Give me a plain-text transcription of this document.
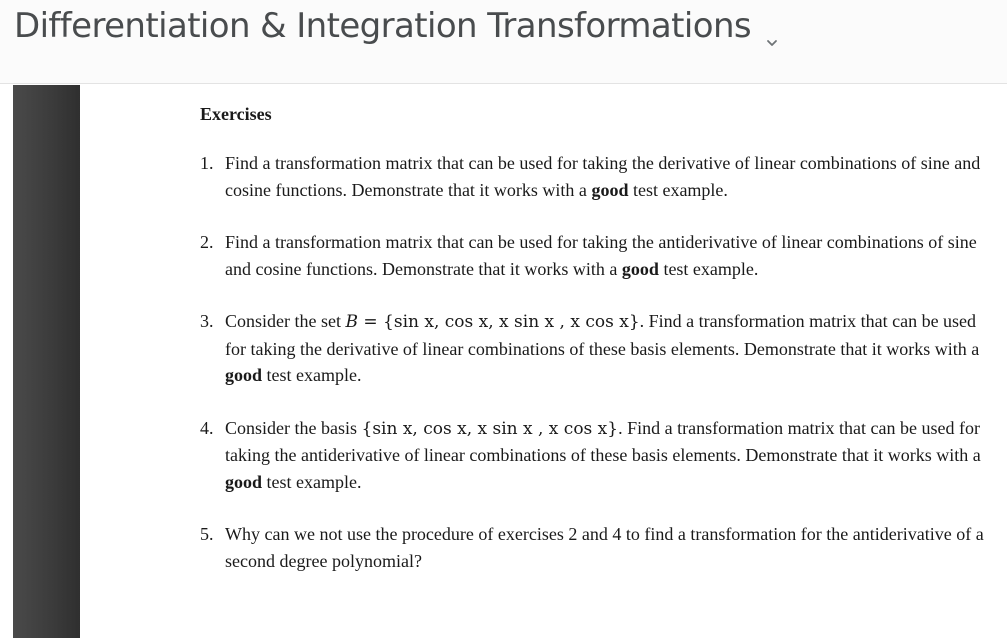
Differentiation & Integration Transformations
Exercises
1. Find a transformation matrix that can be used for taking the derivative of linear combinations of sine and cosine functions. Demonstrate that it works with a good test example.
2. Find a transformation matrix that can be used for taking the antiderivative of linear combinations of sine and cosine functions. Demonstrate that it works with a good test example.
3. Consider the set B = {sin x, cos x, x sin x , x cos x}. Find a transformation matrix that can be used for taking the derivative of linear combinations of these basis elements. Demonstrate that it works with a good test example.
4. Consider the basis {sin x, cos x, x sin x , x cos x}. Find a transformation matrix that can be used for taking the antiderivative of linear combinations of these basis elements. Demonstrate that it works with a good test example.
5. Why can we not use the procedure of exercises 2 and 4 to find a transformation for the antiderivative of a second degree polynomial?
